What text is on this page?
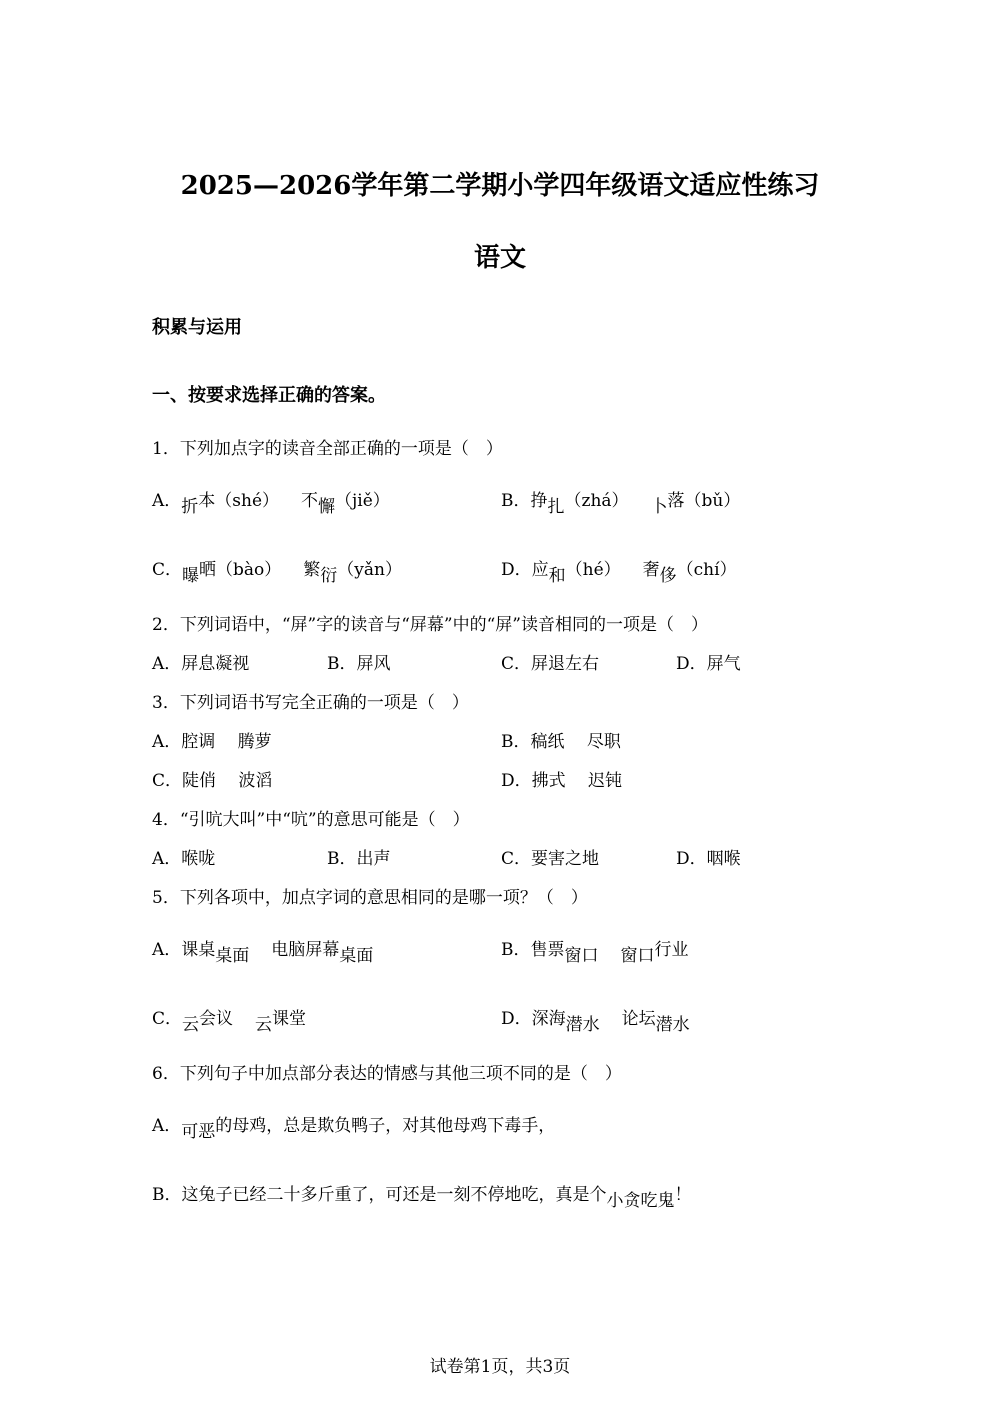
2025—2026学年第二学期小学四年级语文适应性练习
语文
积累与运用
一、按要求选择正确的答案。
1．下列加点字的读音全部正确的一项是（　）
A．折本（shé） 不懈（jiě）	B．挣扎（zhá） 卜落（bǔ）
C．曝晒（bào） 繁衍（yǎn）	D．应和（hé） 奢侈（chí）
2．下列词语中，“屏”字的读音与“屏幕”中的“屏”读音相同的一项是（　）
A．屏息凝视	B．屏风	C．屏退左右	D．屏气
3．下列词语书写完全正确的一项是（　）
A．腔调　 腾萝	B．稿纸　 尽职
C．陡俏　 波滔	D．拂式　 迟钝
4．“引吭大叫”中“吭”的意思可能是（　）
A．喉咙	B．出声	C．要害之地	D．咽喉
5．下列各项中，加点字词的意思相同的是哪一项？（　）
A．课桌桌面 电脑屏幕桌面	B．售票窗口 窗口行业
C．云会议 云课堂	D．深海潜水 论坛潜水
6．下列句子中加点部分表达的情感与其他三项不同的是（　）
A．可恶的母鸡，总是欺负鸭子，对其他母鸡下毒手，
B．这兔子已经二十多斤重了，可还是一刻不停地吃，真是个小贪吃鬼！
试卷第1页，共3页
